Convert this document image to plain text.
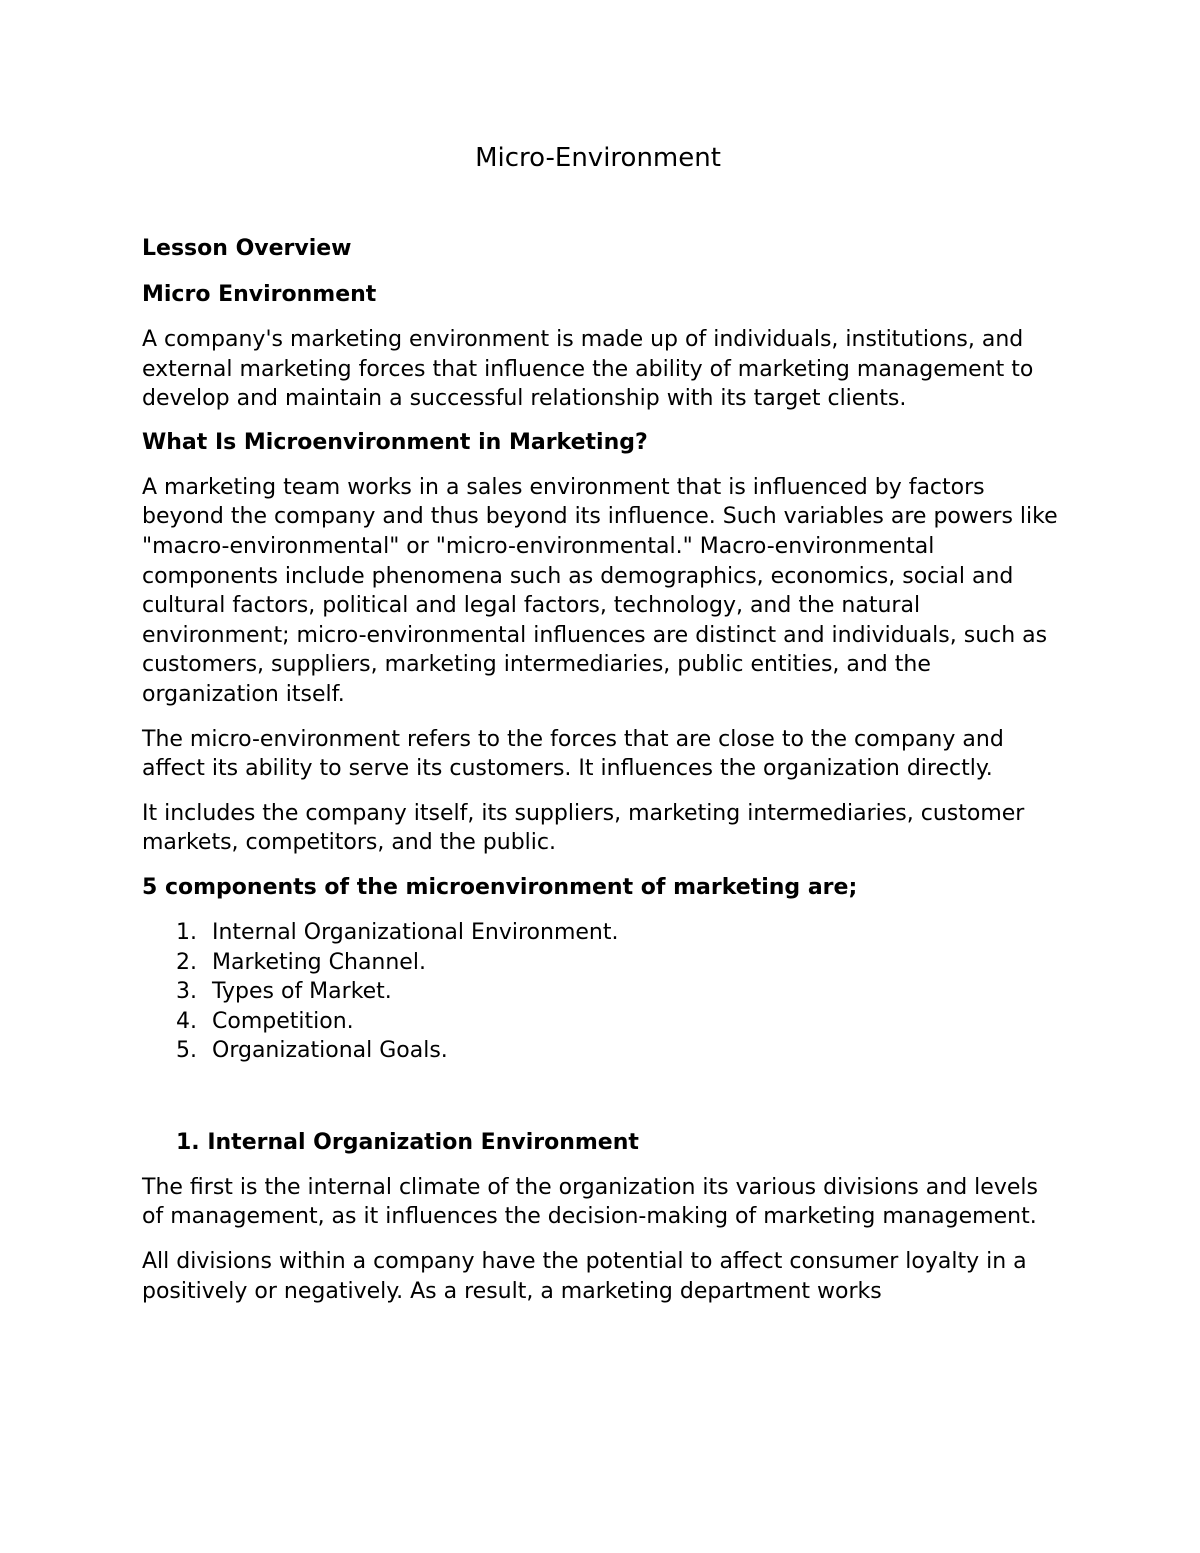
Micro-Environment
Lesson Overview
Micro Environment

A company's marketing environment is made up of individuals, institutions, and external marketing forces that influence the ability of marketing management to develop and maintain a successful relationship with its target clients.

What Is Microenvironment in Marketing?

A marketing team works in a sales environment that is influenced by factors beyond the company and thus beyond its influence. Such variables are powers like "macro-environmental" or "micro-environmental." Macro-environmental components include phenomena such as demographics, economics, social and cultural factors, political and legal factors, technology, and the natural environment; micro-environmental influences are distinct and individuals, such as customers, suppliers, marketing intermediaries, public entities, and the organization itself.

The micro-environment refers to the forces that are close to the company and affect its ability to serve its customers. It influences the organization directly.

It includes the company itself, its suppliers, marketing intermediaries, customer markets, competitors, and the public.

5 components of the microenvironment of marketing are;
1. Internal Organizational Environment.
2. Marketing Channel.
3. Types of Market.
4. Competition.
5. Organizational Goals.
1. Internal Organization Environment

The first is the internal climate of the organization its various divisions and levels of management, as it influences the decision-making of marketing management.

All divisions within a company have the potential to affect consumer loyalty in a positively or negatively. As a result, a marketing department works
